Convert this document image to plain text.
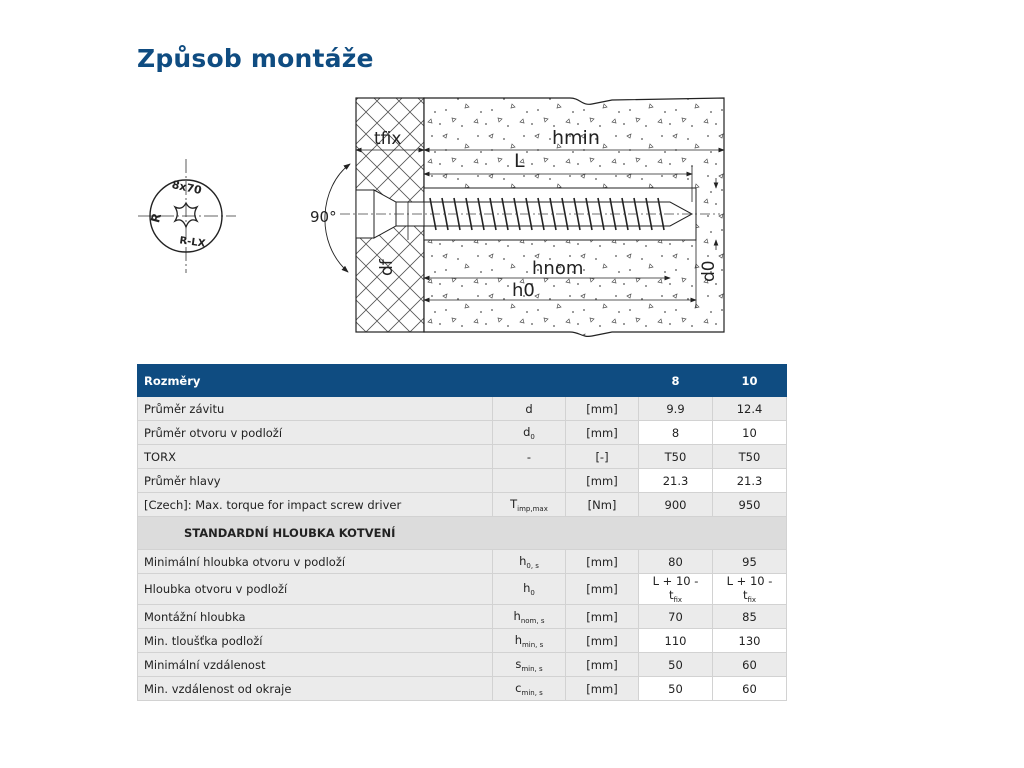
Způsob montáže
8x70
R
R-LX
tfix	hmin
L
90°
df	hnom
h0
d0
Rozměry			8	10
Průměr závitu	d	[mm]	9.9	12.4
Průměr otvoru v podloží	$d_0$	[mm]	8	10
TORX	-	[-]	T50	T50
Průměr hlavy		[mm]	21.3	21.3
[Czech]: Max. torque for impact screw driver	$T_{imp,max}$	[Nm]	900	950
STANDARDNÍ HLOUBKA KOTVENÍ				
Minimální hloubka otvoru v podloží	$h_{0, s}$	[mm]	80	95
Hloubka otvoru v podloží	$h_0$	[mm]	$L + 10 - t_{fix}$	$L + 10 - t_{fix}$
Montážní hloubka	$h_{nom, s}$	[mm]	70	85
Min. tloušťka podloží	$h_{min, s}$	[mm]	110	130
Minimální vzdálenost	$s_{min, s}$	[mm]	50	60
Min. vzdálenost od okraje	$c_{min, s}$	[mm]	50	60
